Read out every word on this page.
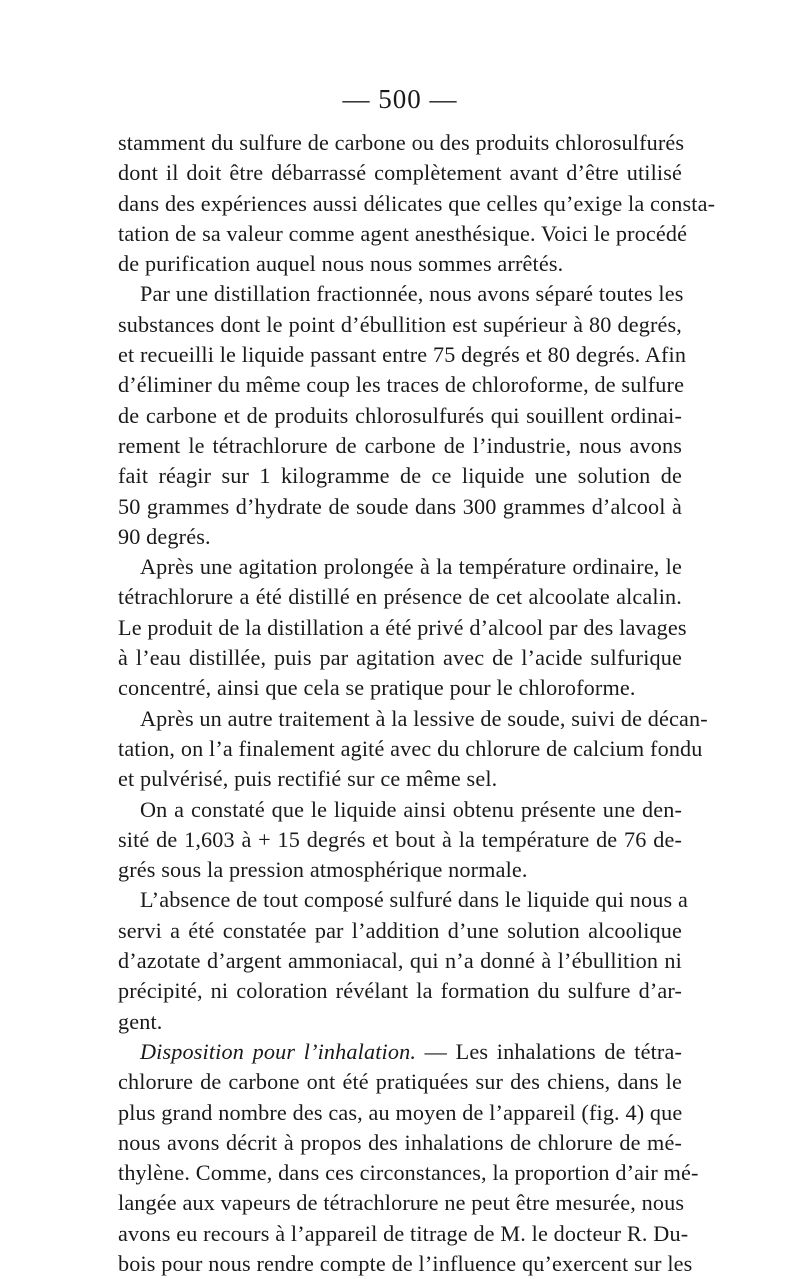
— 500 —
stamment du sulfure de carbone ou des produits chlorosulfurés
dont il doit être débarrassé complètement avant d’être utilisé
dans des expériences aussi délicates que celles qu’exige la consta-
tation de sa valeur comme agent anesthésique. Voici le procédé
de purification auquel nous nous sommes arrêtés.
Par une distillation fractionnée, nous avons séparé toutes les
substances dont le point d’ébullition est supérieur à 80 degrés,
et recueilli le liquide passant entre 75 degrés et 80 degrés. Afin
d’éliminer du même coup les traces de chloroforme, de sulfure
de carbone et de produits chlorosulfurés qui souillent ordinai-
rement le tétrachlorure de carbone de l’industrie, nous avons
fait réagir sur 1 kilogramme de ce liquide une solution de
50 grammes d’hydrate de soude dans 300 grammes d’alcool à
90 degrés.
Après une agitation prolongée à la température ordinaire, le
tétrachlorure a été distillé en présence de cet alcoolate alcalin.
Le produit de la distillation a été privé d’alcool par des lavages
à l’eau distillée, puis par agitation avec de l’acide sulfurique
concentré, ainsi que cela se pratique pour le chloroforme.
Après un autre traitement à la lessive de soude, suivi de décan-
tation, on l’a finalement agité avec du chlorure de calcium fondu
et pulvérisé, puis rectifié sur ce même sel.
On a constaté que le liquide ainsi obtenu présente une den-
sité de 1,603 à + 15 degrés et bout à la température de 76 de-
grés sous la pression atmosphérique normale.
L’absence de tout composé sulfuré dans le liquide qui nous a
servi a été constatée par l’addition d’une solution alcoolique
d’azotate d’argent ammoniacal, qui n’a donné à l’ébullition ni
précipité, ni coloration révélant la formation du sulfure d’ar-
gent.
Disposition pour l’inhalation. — Les inhalations de tétra-
chlorure de carbone ont été pratiquées sur des chiens, dans le
plus grand nombre des cas, au moyen de l’appareil (fig. 4) que
nous avons décrit à propos des inhalations de chlorure de mé-
thylène. Comme, dans ces circonstances, la proportion d’air mé-
langée aux vapeurs de tétrachlorure ne peut être mesurée, nous
avons eu recours à l’appareil de titrage de M. le docteur R. Du-
bois pour nous rendre compte de l’influence qu’exercent sur les
